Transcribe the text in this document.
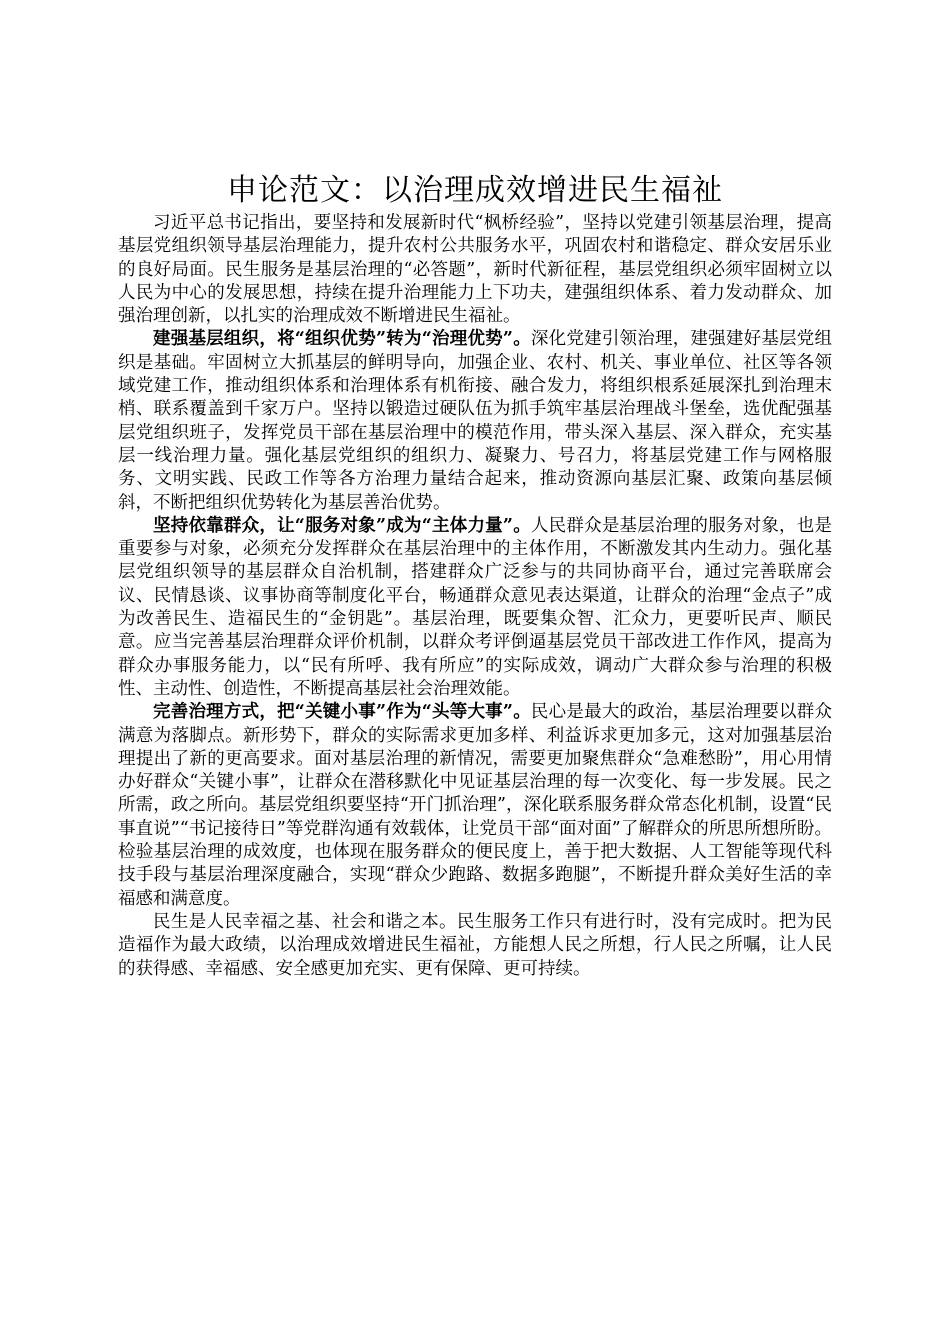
申论范文：以治理成效增进民生福祉

习近平总书记指出，要坚持和发展新时代“枫桥经验”，坚持以党建引领基层治理，提高基层党组织领导基层治理能力，提升农村公共服务水平，巩固农村和谐稳定、群众安居乐业的良好局面。民生服务是基层治理的“必答题”，新时代新征程，基层党组织必须牢固树立以人民为中心的发展思想，持续在提升治理能力上下功夫，建强组织体系、着力发动群众、加强治理创新，以扎实的治理成效不断增进民生福祉。

建强基层组织，将“组织优势”转为“治理优势”。深化党建引领治理，建强建好基层党组织是基础。牢固树立大抓基层的鲜明导向，加强企业、农村、机关、事业单位、社区等各领域党建工作，推动组织体系和治理体系有机衔接、融合发力，将组织根系延展深扎到治理末梢、联系覆盖到千家万户。坚持以锻造过硬队伍为抓手筑牢基层治理战斗堡垒，选优配强基层党组织班子，发挥党员干部在基层治理中的模范作用，带头深入基层、深入群众，充实基层一线治理力量。强化基层党组织的组织力、凝聚力、号召力，将基层党建工作与网格服务、文明实践、民政工作等各方治理力量结合起来，推动资源向基层汇聚、政策向基层倾斜，不断把组织优势转化为基层善治优势。

坚持依靠群众，让“服务对象”成为“主体力量”。人民群众是基层治理的服务对象，也是重要参与对象，必须充分发挥群众在基层治理中的主体作用，不断激发其内生动力。强化基层党组织领导的基层群众自治机制，搭建群众广泛参与的共同协商平台，通过完善联席会议、民情恳谈、议事协商等制度化平台，畅通群众意见表达渠道，让群众的治理“金点子”成为改善民生、造福民生的“金钥匙”。基层治理，既要集众智、汇众力，更要听民声、顺民意。应当完善基层治理群众评价机制，以群众考评倒逼基层党员干部改进工作作风，提高为群众办事服务能力，以“民有所呼、我有所应”的实际成效，调动广大群众参与治理的积极性、主动性、创造性，不断提高基层社会治理效能。

完善治理方式，把“关键小事”作为“头等大事”。民心是最大的政治，基层治理要以群众满意为落脚点。新形势下，群众的实际需求更加多样、利益诉求更加多元，这对加强基层治理提出了新的更高要求。面对基层治理的新情况，需要更加聚焦群众“急难愁盼”，用心用情办好群众“关键小事”，让群众在潜移默化中见证基层治理的每一次变化、每一步发展。民之所需，政之所向。基层党组织要坚持“开门抓治理”，深化联系服务群众常态化机制，设置“民事直说”“书记接待日”等党群沟通有效载体，让党员干部“面对面”了解群众的所思所想所盼。检验基层治理的成效度，也体现在服务群众的便民度上，善于把大数据、人工智能等现代科技手段与基层治理深度融合，实现“群众少跑路、数据多跑腿”，不断提升群众美好生活的幸福感和满意度。

民生是人民幸福之基、社会和谐之本。民生服务工作只有进行时，没有完成时。把为民造福作为最大政绩，以治理成效增进民生福祉，方能想人民之所想，行人民之所嘱，让人民的获得感、幸福感、安全感更加充实、更有保障、更可持续。
